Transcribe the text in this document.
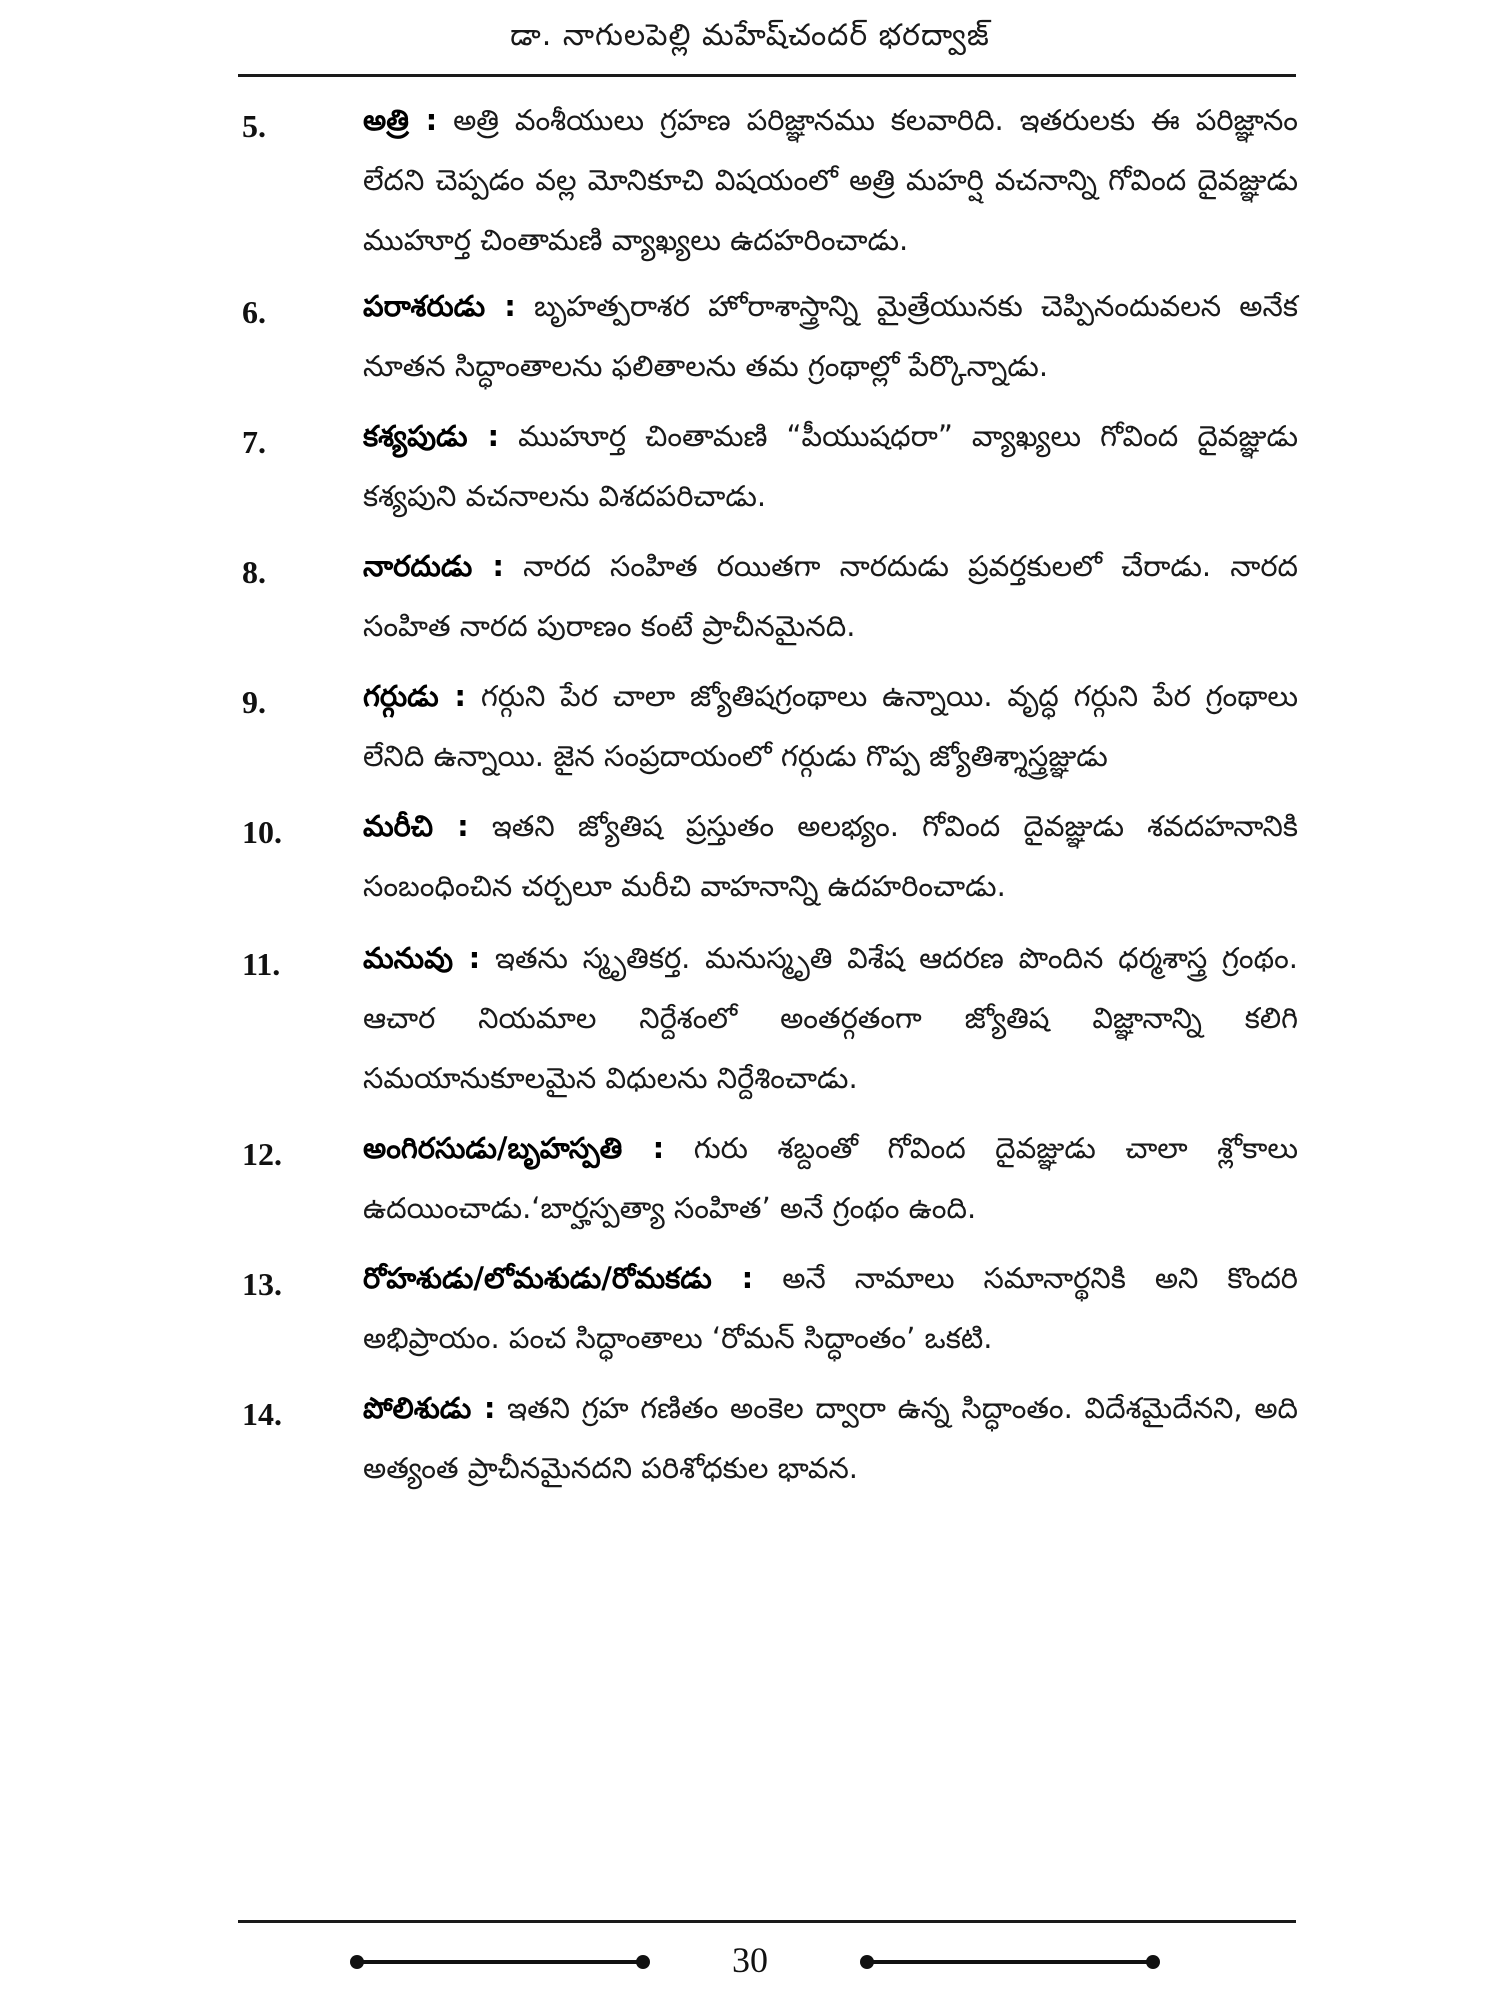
డా. నాగులపెల్లి మహేష్‌చందర్ భరద్వాజ్
5.	అత్రి : అత్రి వంశీయులు గ్రహణ పరిజ్ఞానము కలవారిది. ఇతరులకు ఈ పరిజ్ఞానం లేదని చెప్పడం వల్ల మోనికూచి విషయంలో అత్రి మహర్షి వచనాన్ని గోవింద దైవజ్ఞుడు ముహూర్త చింతామణి వ్యాఖ్యలు ఉదహరించాడు.
6.	పరాశరుడు : బృహత్పరాశర హోరాశాస్త్రాన్ని మైత్రేయునకు చెప్పినందువలన అనేక నూతన సిద్ధాంతాలను ఫలితాలను తమ గ్రంథాల్లో పేర్కొన్నాడు.
7.	కశ్యపుడు : ముహూర్త చింతామణి “పీయుషధరా” వ్యాఖ్యలు గోవింద దైవజ్ఞుడు కశ్యపుని వచనాలను విశదపరిచాడు.
8.	నారదుడు : నారద సంహిత రయితగా నారదుడు ప్రవర్తకులలో చేరాడు. నారద సంహిత నారద పురాణం కంటే ప్రాచీనమైనది.
9.	గర్గుడు : గర్గుని పేర చాలా జ్యోతిషగ్రంథాలు ఉన్నాయి. వృద్ధ గర్గుని పేర గ్రంథాలు లేనిది ఉన్నాయి. జైన సంప్రదాయంలో గర్గుడు గొప్ప జ్యోతిశ్శాస్త్రజ్ఞుడు
10.	మరీచి : ఇతని జ్యోతిష ప్రస్తుతం అలభ్యం. గోవింద దైవజ్ఞుడు శవదహనానికి సంబంధించిన చర్చలూ మరీచి వాహనాన్ని ఉదహరించాడు.
11.	మనువు : ఇతను స్మృతికర్త. మనుస్మృతి విశేష ఆదరణ పొందిన ధర్మశాస్త్ర గ్రంథం. ఆచార నియమాల నిర్దేశంలో అంతర్గతంగా జ్యోతిష విజ్ఞానాన్ని కలిగి సమయానుకూలమైన విధులను నిర్దేశించాడు.
12.	అంగిరసుడు/బృహస్పతి : గురు శబ్దంతో గోవింద దైవజ్ఞుడు చాలా శ్లోకాలు ఉదయించాడు.‘బార్హస్పత్యా సంహిత’ అనే గ్రంథం ఉంది.
13.	రోహశుడు/లోమశుడు/రోమకడు : అనే నామాలు సమానార్థనికి అని కొందరి అభిప్రాయం. పంచ సిద్ధాంతాలు ‘రోమన్ సిద్ధాంతం’ ఒకటి.
14.	పోలిశుడు : ఇతని గ్రహ గణితం అంకెల ద్వారా ఉన్న సిద్ధాంతం. విదేశమైదేనని, అది అత్యంత ప్రాచీనమైనదని పరిశోధకుల భావన.
30
